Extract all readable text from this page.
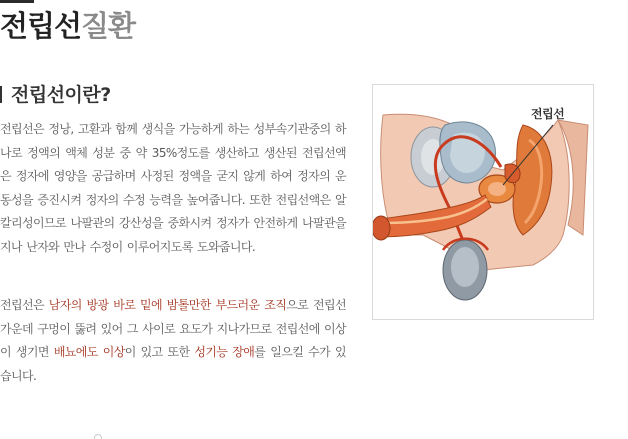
전립선질환
전립선이란?

전립선은 정낭, 고환과 함께 생식을 가능하게 하는 성부속기관중의 하나로 정액의 액체 성분 중 약 35%정도를 생산하고 생산된 전립선액은 정자에 영양을 공급하며 사정된 정액을 굳지 않게 하여 정자의 운동성을 증진시켜 정자의 수정 능력을 높여줍니다. 또한 전립선액은 알칼리성이므로 나팔관의 강산성을 중화시켜 정자가 안전하게 나팔관을 지나 난자와 만나 수정이 이루어지도록 도와줍니다.

전립선은 남자의 방광 바로 밑에 밤톨만한 부드러운 조직으로 전립선 가운데 구멍이 뚫려 있어 그 사이로 요도가 지나가므로 전립선에 이상이 생기면 배뇨에도 이상이 있고 또한 성기능 장애를 일으킬 수가 있습니다.

전립선
